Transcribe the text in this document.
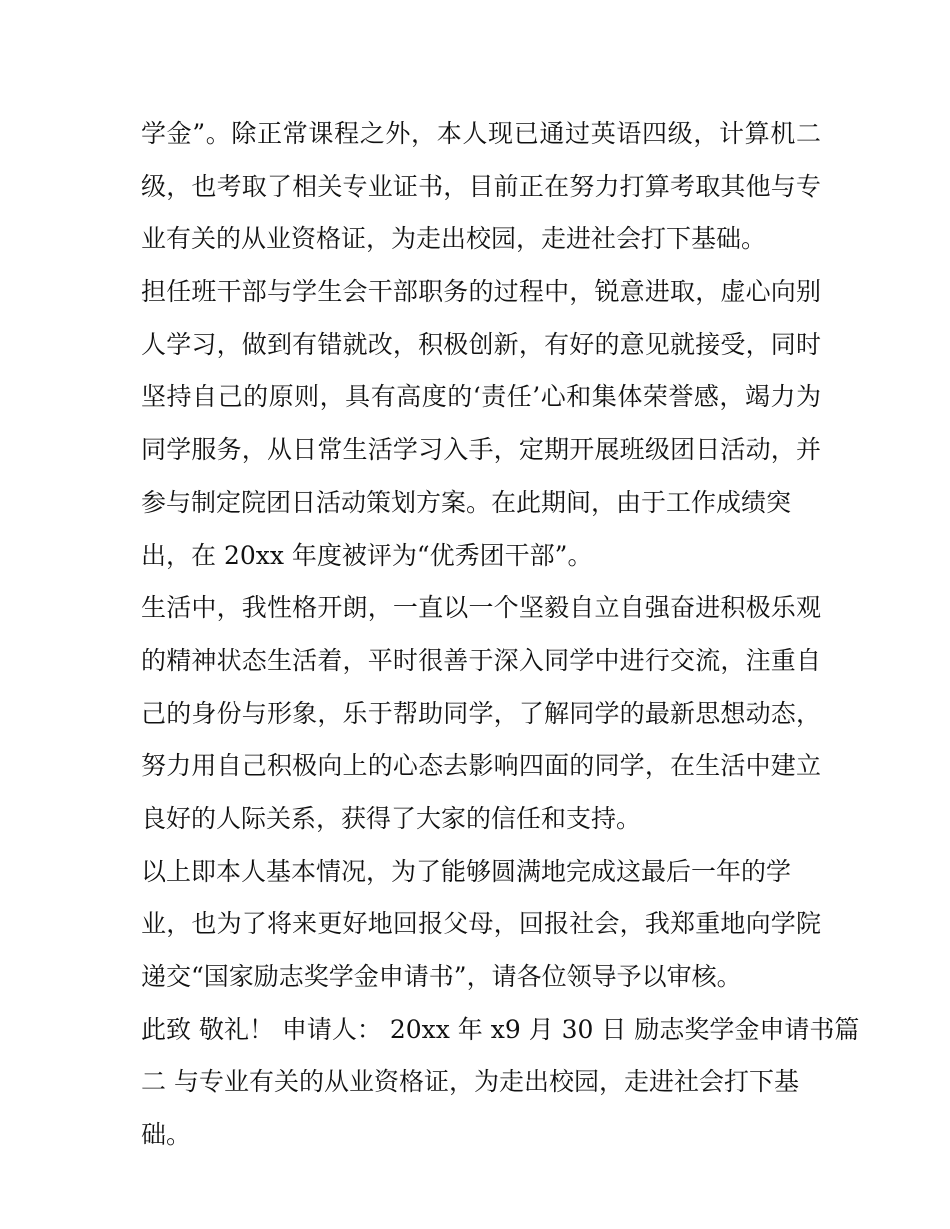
学金”。除正常课程之外，本人现已通过英语四级，计算机二
级，也考取了相关专业证书，目前正在努力打算考取其他与专
业有关的从业资格证，为走出校园，走进社会打下基础。
担任班干部与学生会干部职务的过程中，锐意进取，虚心向别
人学习，做到有错就改，积极创新，有好的意见就接受，同时
坚持自己的原则，具有高度的‘责任’心和集体荣誉感，竭力为
同学服务，从日常生活学习入手，定期开展班级团日活动，并
参与制定院团日活动策划方案。在此期间，由于工作成绩突
出，在 20xx 年度被评为“优秀团干部”。
生活中，我性格开朗，一直以一个坚毅自立自强奋进积极乐观
的精神状态生活着，平时很善于深入同学中进行交流，注重自
己的身份与形象，乐于帮助同学，了解同学的最新思想动态，
努力用自己积极向上的心态去影响四面的同学，在生活中建立
良好的人际关系，获得了大家的信任和支持。
以上即本人基本情况，为了能够圆满地完成这最后一年的学
业，也为了将来更好地回报父母，回报社会，我郑重地向学院
递交“国家励志奖学金申请书”，请各位领导予以审核。
此致 敬礼！ 申请人： 20xx 年 x9 月 30 日 励志奖学金申请书篇
二 与专业有关的从业资格证，为走出校园，走进社会打下基
础。
